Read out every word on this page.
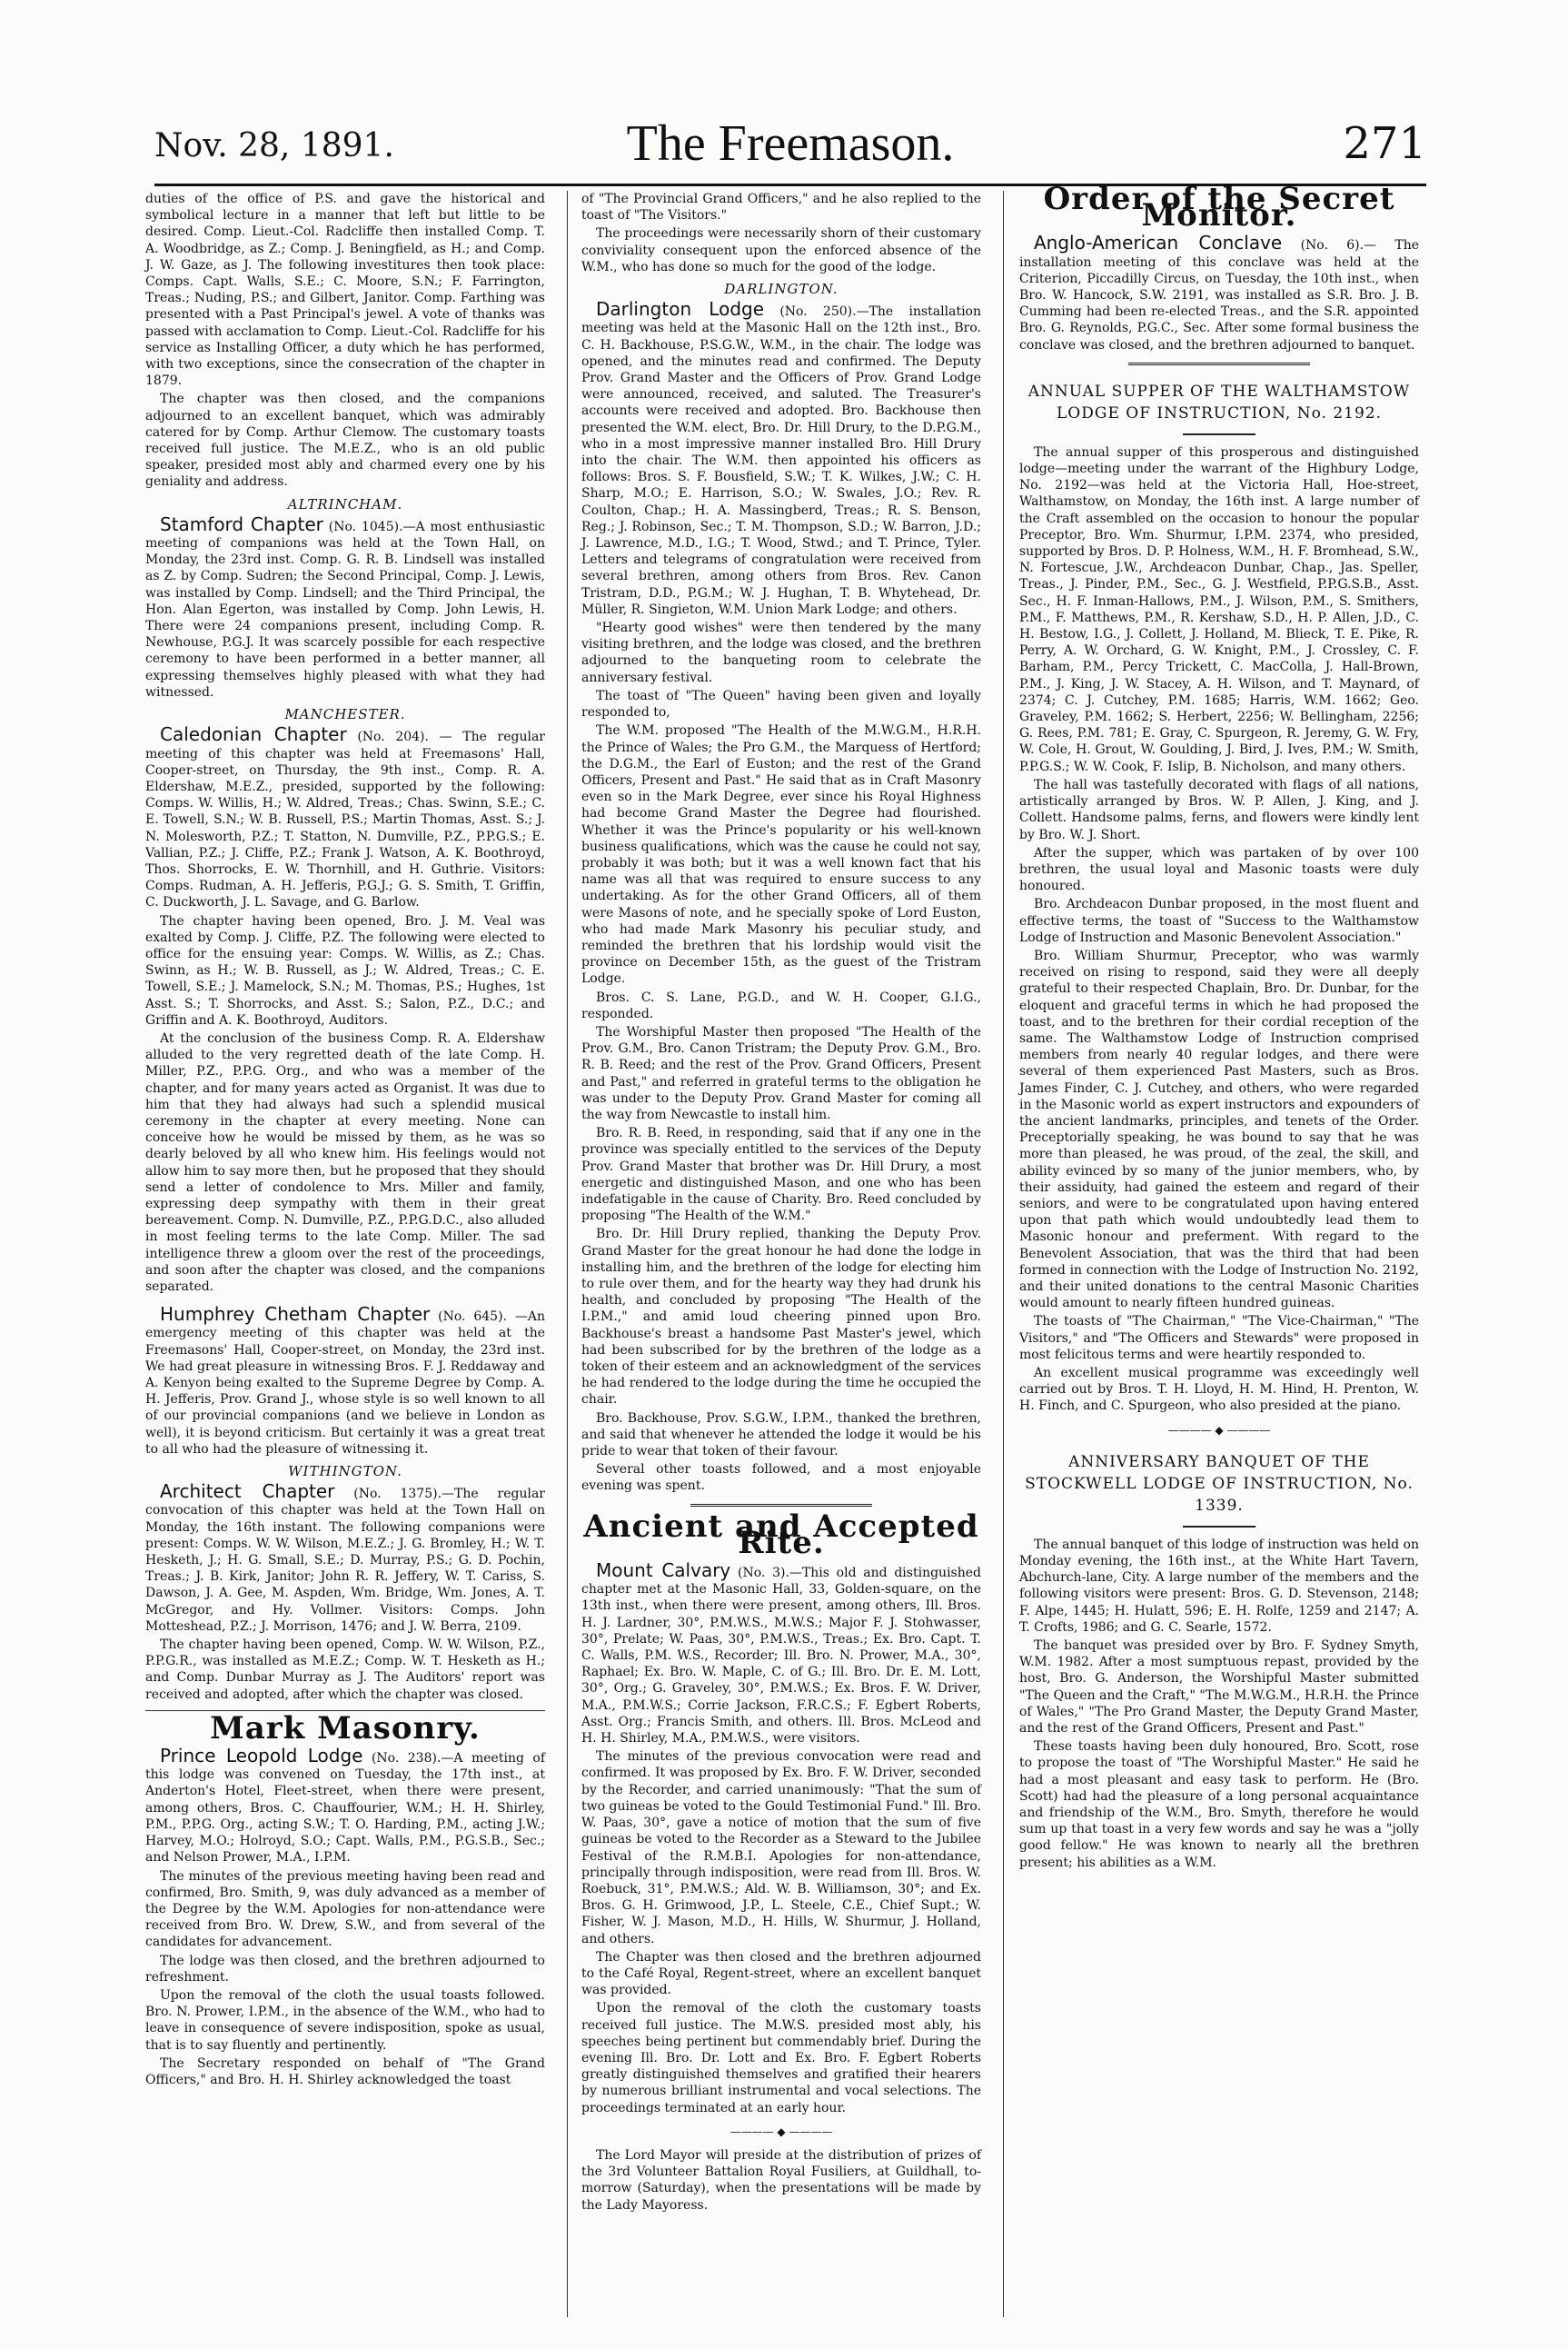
Nov. 28, 1891.	The Freemason.	271

duties of the office of P.S. and gave the historical and symbolical lecture in a manner that left but little to be desired. Comp. Lieut.-Col. Radcliffe then installed Comp. T. A. Woodbridge, as Z.; Comp. J. Beningfield, as H.; and Comp. J. W. Gaze, as J. The following investitures then took place: Comps. Capt. Walls, S.E.; C. Moore, S.N.; F. Farrington, Treas.; Nuding, P.S.; and Gilbert, Janitor. Comp. Farthing was presented with a Past Principal's jewel. A vote of thanks was passed with acclamation to Comp. Lieut.-Col. Radcliffe for his service as Installing Officer, a duty which he has performed, with two exceptions, since the consecration of the chapter in 1879.

The chapter was then closed, and the companions adjourned to an excellent banquet, which was admirably catered for by Comp. Arthur Clemow. The customary toasts received full justice. The M.E.Z., who is an old public speaker, presided most ably and charmed every one by his geniality and address.

ALTRINCHAM.

Stamford Chapter (No. 1045).—A most enthusiastic meeting of companions was held at the Town Hall, on Monday, the 23rd inst. Comp. G. R. B. Lindsell was installed as Z. by Comp. Sudren; the Second Principal, Comp. J. Lewis, was installed by Comp. Lindsell; and the Third Principal, the Hon. Alan Egerton, was installed by Comp. John Lewis, H. There were 24 companions present, including Comp. R. Newhouse, P.G.J. It was scarcely possible for each respective ceremony to have been performed in a better manner, all expressing themselves highly pleased with what they had witnessed.

MANCHESTER.

Caledonian Chapter (No. 204). — The regular meeting of this chapter was held at Freemasons' Hall, Cooper-street, on Thursday, the 9th inst., Comp. R. A. Eldershaw, M.E.Z., presided, supported by the following: Comps. W. Willis, H.; W. Aldred, Treas.; Chas. Swinn, S.E.; C. E. Towell, S.N.; W. B. Russell, P.S.; Martin Thomas, Asst. S.; J. N. Molesworth, P.Z.; T. Statton, N. Dumville, P.Z., P.P.G.S.; E. Vallian, P.Z.; J. Cliffe, P.Z.; Frank J. Watson, A. K. Boothroyd, Thos. Shorrocks, E. W. Thornhill, and H. Guthrie. Visitors: Comps. Rudman, A. H. Jefferis, P.G.J.; G. S. Smith, T. Griffin, C. Duckworth, J. L. Savage, and G. Barlow.

The chapter having been opened, Bro. J. M. Veal was exalted by Comp. J. Cliffe, P.Z. The following were elected to office for the ensuing year: Comps. W. Willis, as Z.; Chas. Swinn, as H.; W. B. Russell, as J.; W. Aldred, Treas.; C. E. Towell, S.E.; J. Mamelock, S.N.; M. Thomas, P.S.; Hughes, 1st Asst. S.; T. Shorrocks, and Asst. S.; Salon, P.Z., D.C.; and Griffin and A. K. Boothroyd, Auditors.

At the conclusion of the business Comp. R. A. Eldershaw alluded to the very regretted death of the late Comp. H. Miller, P.Z., P.P.G. Org., and who was a member of the chapter, and for many years acted as Organist. It was due to him that they had always had such a splendid musical ceremony in the chapter at every meeting. None can conceive how he would be missed by them, as he was so dearly beloved by all who knew him. His feelings would not allow him to say more then, but he proposed that they should send a letter of condolence to Mrs. Miller and family, expressing deep sympathy with them in their great bereavement. Comp. N. Dumville, P.Z., P.P.G.D.C., also alluded in most feeling terms to the late Comp. Miller. The sad intelligence threw a gloom over the rest of the proceedings, and soon after the chapter was closed, and the companions separated.

Humphrey Chetham Chapter (No. 645). —An emergency meeting of this chapter was held at the Freemasons' Hall, Cooper-street, on Monday, the 23rd inst. We had great pleasure in witnessing Bros. F. J. Reddaway and A. Kenyon being exalted to the Supreme Degree by Comp. A. H. Jefferis, Prov. Grand J., whose style is so well known to all of our provincial companions (and we believe in London as well), it is beyond criticism. But certainly it was a great treat to all who had the pleasure of witnessing it.

WITHINGTON.

Architect Chapter (No. 1375).—The regular convocation of this chapter was held at the Town Hall on Monday, the 16th instant. The following companions were present: Comps. W. W. Wilson, M.E.Z.; J. G. Bromley, H.; W. T. Hesketh, J.; H. G. Small, S.E.; D. Murray, P.S.; G. D. Pochin, Treas.; J. B. Kirk, Janitor; John R. R. Jeffery, W. T. Cariss, S. Dawson, J. A. Gee, M. Aspden, Wm. Bridge, Wm. Jones, A. T. McGregor, and Hy. Vollmer. Visitors: Comps. John Motteshead, P.Z.; J. Morrison, 1476; and J. W. Berra, 2109.

The chapter having been opened, Comp. W. W. Wilson, P.Z., P.P.G.R., was installed as M.E.Z.; Comp. W. T. Hesketh as H.; and Comp. Dunbar Murray as J. The Auditors' report was received and adopted, after which the chapter was closed.

Mark Masonry.

Prince Leopold Lodge (No. 238).—A meeting of this lodge was convened on Tuesday, the 17th inst., at Anderton's Hotel, Fleet-street, when there were present, among others, Bros. C. Chauffourier, W.M.; H. H. Shirley, P.M., P.P.G. Org., acting S.W.; T. O. Harding, P.M., acting J.W.; Harvey, M.O.; Holroyd, S.O.; Capt. Walls, P.M., P.G.S.B., Sec.; and Nelson Prower, M.A., I.P.M.

The minutes of the previous meeting having been read and confirmed, Bro. Smith, 9, was duly advanced as a member of the Degree by the W.M. Apologies for non-attendance were received from Bro. W. Drew, S.W., and from several of the candidates for advancement.

The lodge was then closed, and the brethren adjourned to refreshment.

Upon the removal of the cloth the usual toasts followed. Bro. N. Prower, I.P.M., in the absence of the W.M., who had to leave in consequence of severe indisposition, spoke as usual, that is to say fluently and pertinently.

The Secretary responded on behalf of "The Grand Officers," and Bro. H. H. Shirley acknowledged the toast

of "The Provincial Grand Officers," and he also replied to the toast of "The Visitors."

The proceedings were necessarily shorn of their customary conviviality consequent upon the enforced absence of the W.M., who has done so much for the good of the lodge.

DARLINGTON.

Darlington Lodge (No. 250).—The installation meeting was held at the Masonic Hall on the 12th inst., Bro. C. H. Backhouse, P.S.G.W., W.M., in the chair. The lodge was opened, and the minutes read and confirmed. The Deputy Prov. Grand Master and the Officers of Prov. Grand Lodge were announced, received, and saluted. The Treasurer's accounts were received and adopted. Bro. Backhouse then presented the W.M. elect, Bro. Dr. Hill Drury, to the D.P.G.M., who in a most impressive manner installed Bro. Hill Drury into the chair. The W.M. then appointed his officers as follows: Bros. S. F. Bousfield, S.W.; T. K. Wilkes, J.W.; C. H. Sharp, M.O.; E. Harrison, S.O.; W. Swales, J.O.; Rev. R. Coulton, Chap.; H. A. Massingberd, Treas.; R. S. Benson, Reg.; J. Robinson, Sec.; T. M. Thompson, S.D.; W. Barron, J.D.; J. Lawrence, M.D., I.G.; T. Wood, Stwd.; and T. Prince, Tyler. Letters and telegrams of congratulation were received from several brethren, among others from Bros. Rev. Canon Tristram, D.D., P.G.M.; W. J. Hughan, T. B. Whytehead, Dr. Müller, R. Singieton, W.M. Union Mark Lodge; and others.

"Hearty good wishes" were then tendered by the many visiting brethren, and the lodge was closed, and the brethren adjourned to the banqueting room to celebrate the anniversary festival.

The toast of "The Queen" having been given and loyally responded to,

The W.M. proposed "The Health of the M.W.G.M., H.R.H. the Prince of Wales; the Pro G.M., the Marquess of Hertford; the D.G.M., the Earl of Euston; and the rest of the Grand Officers, Present and Past." He said that as in Craft Masonry even so in the Mark Degree, ever since his Royal Highness had become Grand Master the Degree had flourished. Whether it was the Prince's popularity or his well-known business qualifications, which was the cause he could not say, probably it was both; but it was a well known fact that his name was all that was required to ensure success to any undertaking. As for the other Grand Officers, all of them were Masons of note, and he specially spoke of Lord Euston, who had made Mark Masonry his peculiar study, and reminded the brethren that his lordship would visit the province on December 15th, as the guest of the Tristram Lodge.

Bros. C. S. Lane, P.G.D., and W. H. Cooper, G.I.G., responded.

The Worshipful Master then proposed "The Health of the Prov. G.M., Bro. Canon Tristram; the Deputy Prov. G.M., Bro. R. B. Reed; and the rest of the Prov. Grand Officers, Present and Past," and referred in grateful terms to the obligation he was under to the Deputy Prov. Grand Master for coming all the way from Newcastle to install him.

Bro. R. B. Reed, in responding, said that if any one in the province was specially entitled to the services of the Deputy Prov. Grand Master that brother was Dr. Hill Drury, a most energetic and distinguished Mason, and one who has been indefatigable in the cause of Charity. Bro. Reed concluded by proposing "The Health of the W.M."

Bro. Dr. Hill Drury replied, thanking the Deputy Prov. Grand Master for the great honour he had done the lodge in installing him, and the brethren of the lodge for electing him to rule over them, and for the hearty way they had drunk his health, and concluded by proposing "The Health of the I.P.M.," and amid loud cheering pinned upon Bro. Backhouse's breast a handsome Past Master's jewel, which had been subscribed for by the brethren of the lodge as a token of their esteem and an acknowledgment of the services he had rendered to the lodge during the time he occupied the chair.

Bro. Backhouse, Prov. S.G.W., I.P.M., thanked the brethren, and said that whenever he attended the lodge it would be his pride to wear that token of their favour.

Several other toasts followed, and a most enjoyable evening was spent.

Ancient and Accepted Rite.

Mount Calvary (No. 3).—This old and distinguished chapter met at the Masonic Hall, 33, Golden-square, on the 13th inst., when there were present, among others, Ill. Bros. H. J. Lardner, 30°, P.M.W.S., M.W.S.; Major F. J. Stohwasser, 30°, Prelate; W. Paas, 30°, P.M.W.S., Treas.; Ex. Bro. Capt. T. C. Walls, P.M. W.S., Recorder; Ill. Bro. N. Prower, M.A., 30°, Raphael; Ex. Bro. W. Maple, C. of G.; Ill. Bro. Dr. E. M. Lott, 30°, Org.; G. Graveley, 30°, P.M.W.S.; Ex. Bros. F. W. Driver, M.A., P.M.W.S.; Corrie Jackson, F.R.C.S.; F. Egbert Roberts, Asst. Org.; Francis Smith, and others. Ill. Bros. McLeod and H. H. Shirley, M.A., P.M.W.S., were visitors.

The minutes of the previous convocation were read and confirmed. It was proposed by Ex. Bro. F. W. Driver, seconded by the Recorder, and carried unanimously: "That the sum of two guineas be voted to the Gould Testimonial Fund." Ill. Bro. W. Paas, 30°, gave a notice of motion that the sum of five guineas be voted to the Recorder as a Steward to the Jubilee Festival of the R.M.B.I. Apologies for non-attendance, principally through indisposition, were read from Ill. Bros. W. Roebuck, 31°, P.M.W.S.; Ald. W. B. Williamson, 30°; and Ex. Bros. G. H. Grimwood, J.P., L. Steele, C.E., Chief Supt.; W. Fisher, W. J. Mason, M.D., H. Hills, W. Shurmur, J. Holland, and others.

The Chapter was then closed and the brethren adjourned to the Café Royal, Regent-street, where an excellent banquet was provided.

Upon the removal of the cloth the customary toasts received full justice. The M.W.S. presided most ably, his speeches being pertinent but commendably brief. During the evening Ill. Bro. Dr. Lott and Ex. Bro. F. Egbert Roberts greatly distinguished themselves and gratified their hearers by numerous brilliant instrumental and vocal selections. The proceedings terminated at an early hour.

———— ◆ ————

The Lord Mayor will preside at the distribution of prizes of the 3rd Volunteer Battalion Royal Fusiliers, at Guildhall, to-morrow (Saturday), when the presentations will be made by the Lady Mayoress.

Order of the Secret Monitor.

Anglo-American Conclave (No. 6).— The installation meeting of this conclave was held at the Criterion, Piccadilly Circus, on Tuesday, the 10th inst., when Bro. W. Hancock, S.W. 2191, was installed as S.R. Bro. J. B. Cumming had been re-elected Treas., and the S.R. appointed Bro. G. Reynolds, P.G.C., Sec. After some formal business the conclave was closed, and the brethren adjourned to banquet.

ANNUAL SUPPER OF THE WALTHAMSTOW LODGE OF INSTRUCTION, No. 2192.

The annual supper of this prosperous and distinguished lodge—meeting under the warrant of the Highbury Lodge, No. 2192—was held at the Victoria Hall, Hoe-street, Walthamstow, on Monday, the 16th inst. A large number of the Craft assembled on the occasion to honour the popular Preceptor, Bro. Wm. Shurmur, I.P.M. 2374, who presided, supported by Bros. D. P. Holness, W.M., H. F. Bromhead, S.W., N. Fortescue, J.W., Archdeacon Dunbar, Chap., Jas. Speller, Treas., J. Pinder, P.M., Sec., G. J. Westfield, P.P.G.S.B., Asst. Sec., H. F. Inman-Hallows, P.M., J. Wilson, P.M., S. Smithers, P.M., F. Matthews, P.M., R. Kershaw, S.D., H. P. Allen, J.D., C. H. Bestow, I.G., J. Collett, J. Holland, M. Blieck, T. E. Pike, R. Perry, A. W. Orchard, G. W. Knight, P.M., J. Crossley, C. F. Barham, P.M., Percy Trickett, C. MacColla, J. Hall-Brown, P.M., J. King, J. W. Stacey, A. H. Wilson, and T. Maynard, of 2374; C. J. Cutchey, P.M. 1685; Harris, W.M. 1662; Geo. Graveley, P.M. 1662; S. Herbert, 2256; W. Bellingham, 2256; G. Rees, P.M. 781; E. Gray, C. Spurgeon, R. Jeremy, G. W. Fry, W. Cole, H. Grout, W. Goulding, J. Bird, J. Ives, P.M.; W. Smith, P.P.G.S.; W. W. Cook, F. Islip, B. Nicholson, and many others.

The hall was tastefully decorated with flags of all nations, artistically arranged by Bros. W. P. Allen, J. King, and J. Collett. Handsome palms, ferns, and flowers were kindly lent by Bro. W. J. Short.

After the supper, which was partaken of by over 100 brethren, the usual loyal and Masonic toasts were duly honoured.

Bro. Archdeacon Dunbar proposed, in the most fluent and effective terms, the toast of "Success to the Walthamstow Lodge of Instruction and Masonic Benevolent Association."

Bro. William Shurmur, Preceptor, who was warmly received on rising to respond, said they were all deeply grateful to their respected Chaplain, Bro. Dr. Dunbar, for the eloquent and graceful terms in which he had proposed the toast, and to the brethren for their cordial reception of the same. The Walthamstow Lodge of Instruction comprised members from nearly 40 regular lodges, and there were several of them experienced Past Masters, such as Bros. James Finder, C. J. Cutchey, and others, who were regarded in the Masonic world as expert instructors and expounders of the ancient landmarks, principles, and tenets of the Order. Preceptorially speaking, he was bound to say that he was more than pleased, he was proud, of the zeal, the skill, and ability evinced by so many of the junior members, who, by their assiduity, had gained the esteem and regard of their seniors, and were to be congratulated upon having entered upon that path which would undoubtedly lead them to Masonic honour and preferment. With regard to the Benevolent Association, that was the third that had been formed in connection with the Lodge of Instruction No. 2192, and their united donations to the central Masonic Charities would amount to nearly fifteen hundred guineas.

The toasts of "The Chairman," "The Vice-Chairman," "The Visitors," and "The Officers and Stewards" were proposed in most felicitous terms and were heartily responded to.

An excellent musical programme was exceedingly well carried out by Bros. T. H. Lloyd, H. M. Hind, H. Prenton, W. H. Finch, and C. Spurgeon, who also presided at the piano.

———— ◆ ————
ANNIVERSARY BANQUET OF THE STOCKWELL LODGE OF INSTRUCTION, No. 1339.

The annual banquet of this lodge of instruction was held on Monday evening, the 16th inst., at the White Hart Tavern, Abchurch-lane, City. A large number of the members and the following visitors were present: Bros. G. D. Stevenson, 2148; F. Alpe, 1445; H. Hulatt, 596; E. H. Rolfe, 1259 and 2147; A. T. Crofts, 1986; and G. C. Searle, 1572.

The banquet was presided over by Bro. F. Sydney Smyth, W.M. 1982. After a most sumptuous repast, provided by the host, Bro. G. Anderson, the Worshipful Master submitted "The Queen and the Craft," "The M.W.G.M., H.R.H. the Prince of Wales," "The Pro Grand Master, the Deputy Grand Master, and the rest of the Grand Officers, Present and Past."

These toasts having been duly honoured, Bro. Scott, rose to propose the toast of "The Worshipful Master." He said he had a most pleasant and easy task to perform. He (Bro. Scott) had had the pleasure of a long personal acquaintance and friendship of the W.M., Bro. Smyth, therefore he would sum up that toast in a very few words and say he was a "jolly good fellow." He was known to nearly all the brethren present; his abilities as a W.M.
